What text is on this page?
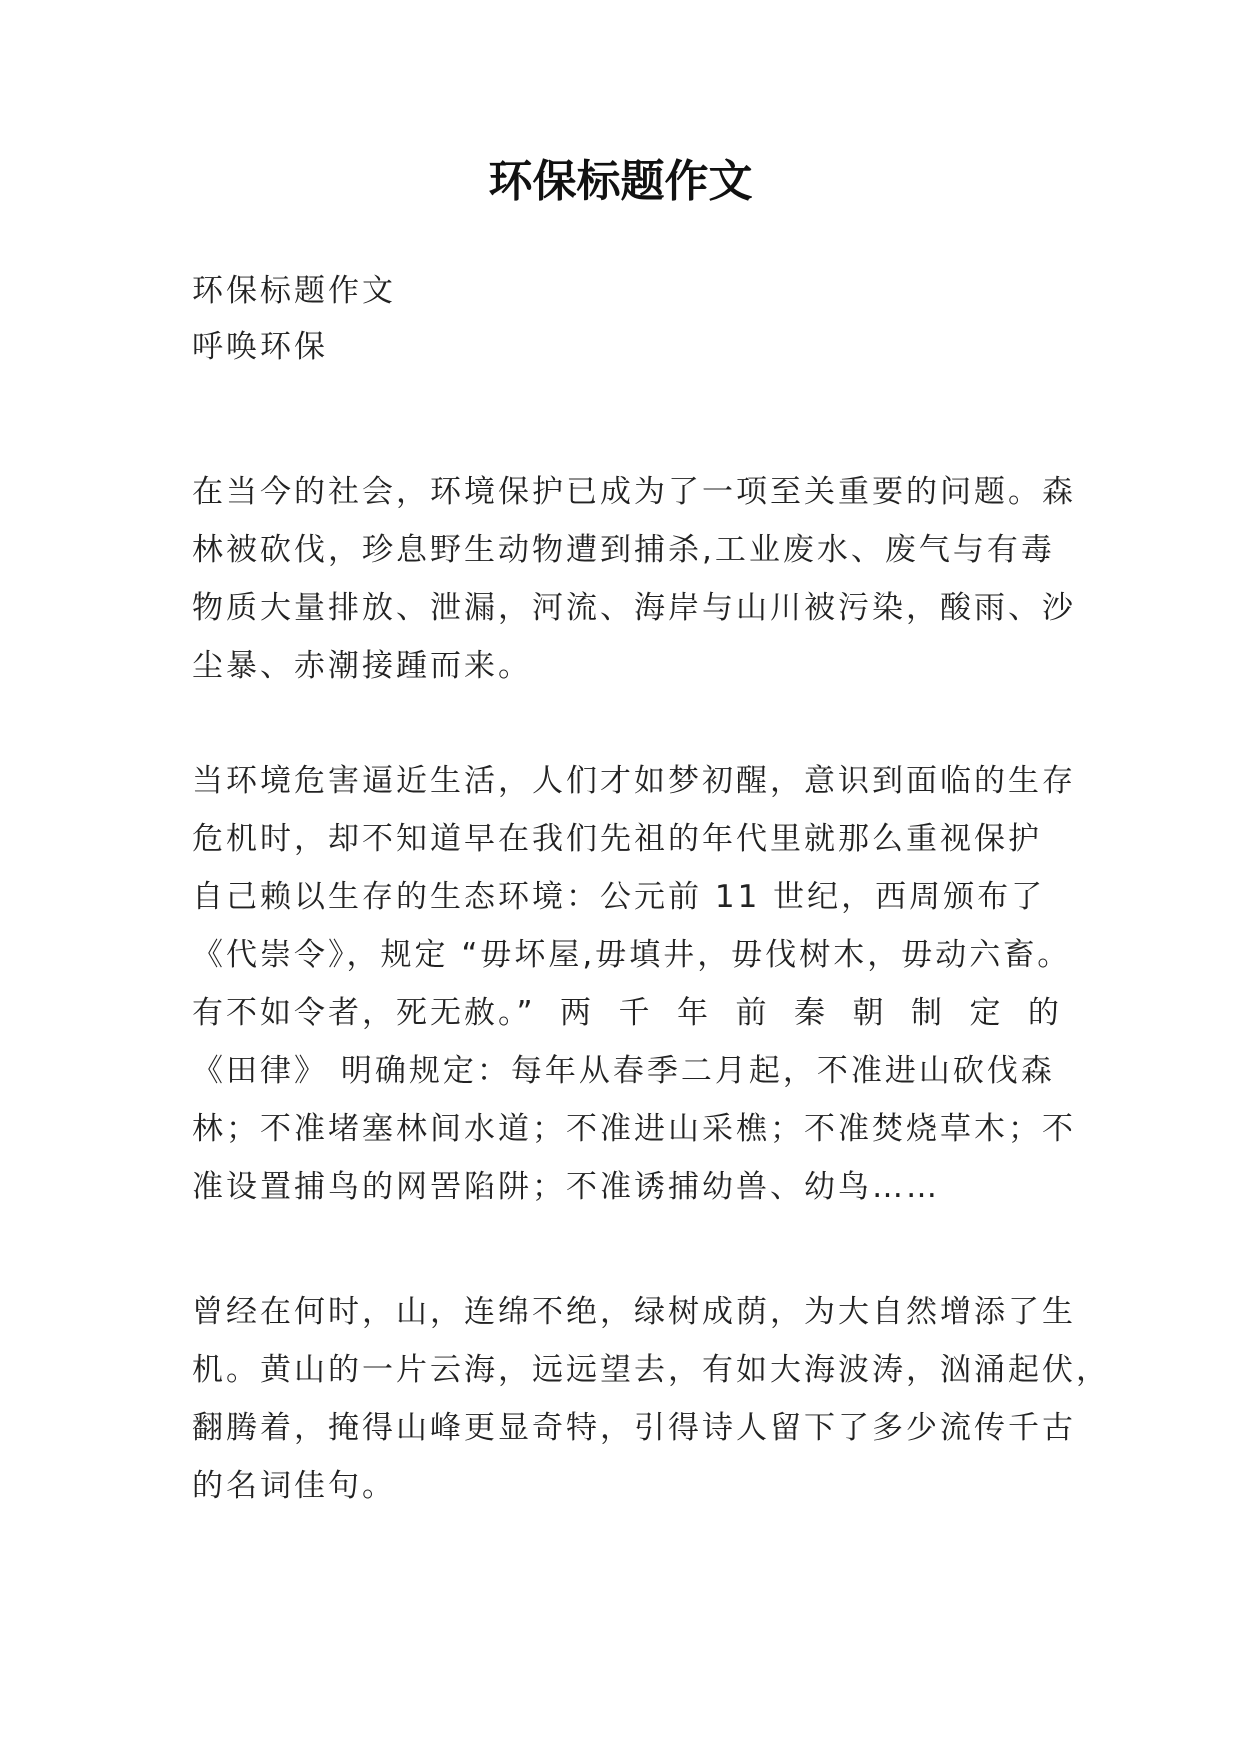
环保标题作文
环保标题作文
呼唤环保
在当今的社会，环境保护已成为了一项至关重要的问题。森
林被砍伐，珍息野生动物遭到捕杀,工业废水、废气与有毒
物质大量排放、泄漏，河流、海岸与山川被污染，酸雨、沙
尘暴、赤潮接踵而来。
当环境危害逼近生活，人们才如梦初醒，意识到面临的生存
危机时，却不知道早在我们先祖的年代里就那么重视保护
自己赖以生存的生态环境：公元前 11 世纪，西周颁布了
《代崇令》，规定 “毋坏屋,毋填井，毋伐树木，毋动六畜。
有不如令者，死无赦。” 两 千 年 前 秦 朝 制 定 的
《田律》 明确规定：每年从春季二月起，不准进山砍伐森
林；不准堵塞林间水道；不准进山采樵；不准焚烧草木；不
准设置捕鸟的网罟陷阱；不准诱捕幼兽、幼鸟……
曾经在何时，山，连绵不绝，绿树成荫，为大自然增添了生
机。黄山的一片云海，远远望去，有如大海波涛，汹涌起伏，
翻腾着，掩得山峰更显奇特，引得诗人留下了多少流传千古
的名词佳句。
